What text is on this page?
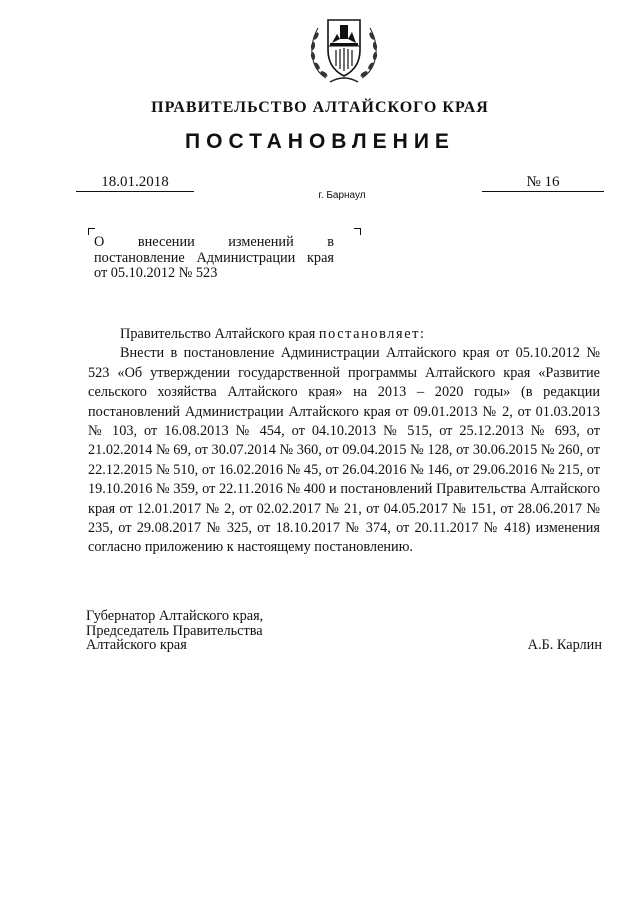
ПРАВИТЕЛЬСТВО АЛТАЙСКОГО КРАЯ
ПОСТАНОВЛЕНИЕ
18.01.2018	№ 16
г. Барнаул
О внесении изменений в постановление Администрации края от 05.10.2012 № 523

Правительство Алтайского края постановляет:

Внести в постановление Администрации Алтайского края от 05.10.2012 № 523 «Об утверждении государственной программы Алтайского края «Развитие сельского хозяйства Алтайского края» на 2013 – 2020 годы» (в редакции постановлений Администрации Алтайского края от 09.01.2013 № 2, от 01.03.2013 № 103, от 16.08.2013 № 454, от 04.10.2013 № 515, от 25.12.2013 № 693, от 21.02.2014 № 69, от 30.07.2014 № 360, от 09.04.2015 № 128, от 30.06.2015 № 260, от 22.12.2015 № 510, от 16.02.2016 № 45, от 26.04.2016 № 146, от 29.06.2016 № 215, от 19.10.2016 № 359, от 22.11.2016 № 400 и постановлений Правительства Алтайского края от 12.01.2017 № 2, от 02.02.2017 № 21, от 04.05.2017 № 151, от 28.06.2017 № 235, от 29.08.2017 № 325, от 18.10.2017 № 374, от 20.11.2017 № 418) изменения согласно приложению к настоящему постановлению.

Губернатор Алтайского края,
Председатель Правительства
Алтайского края	А.Б. Карлин
